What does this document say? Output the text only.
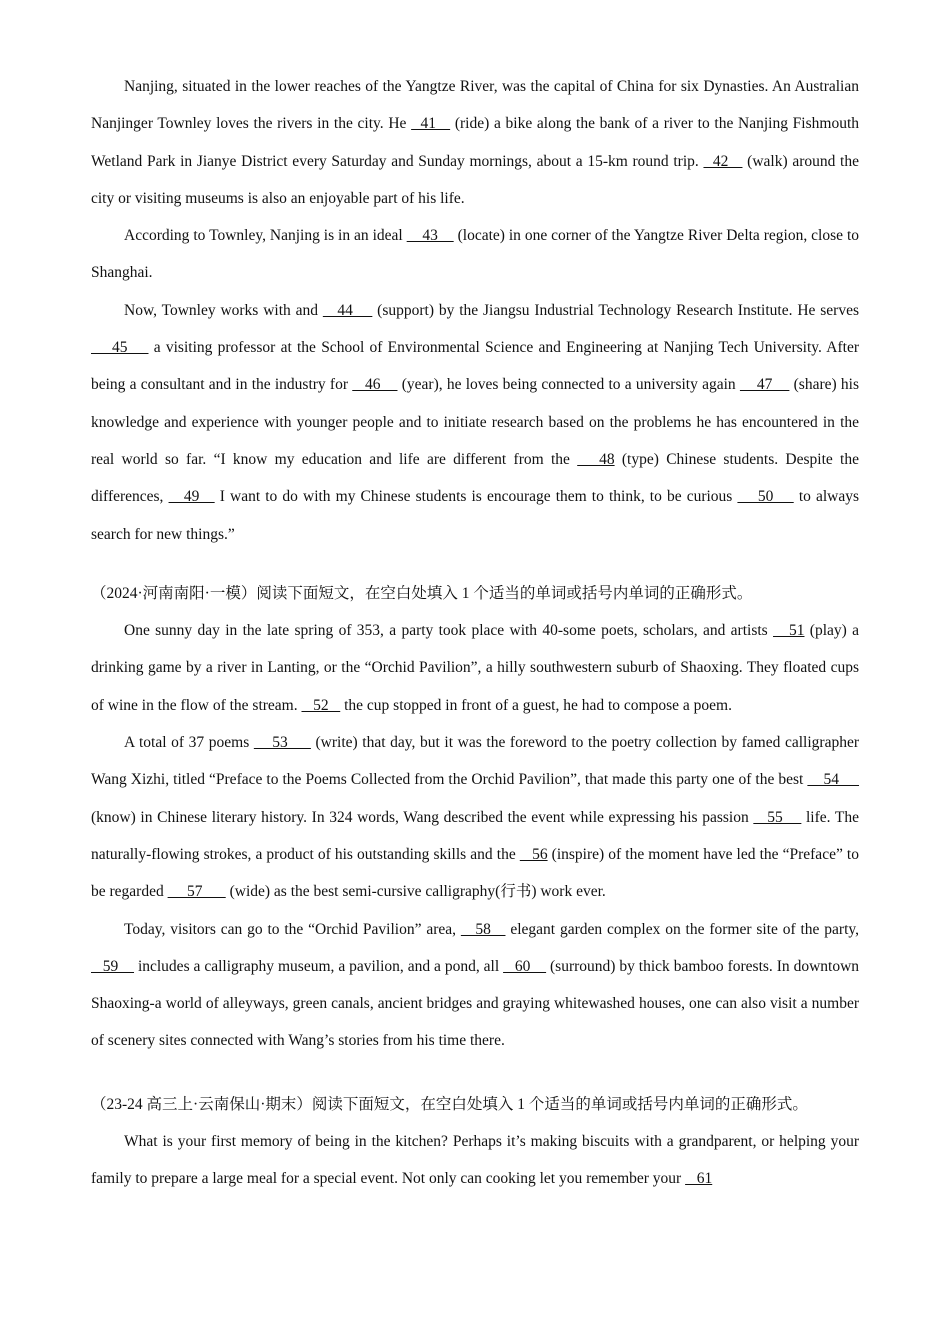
Nanjing, situated in the lower reaches of the Yangtze River, was the capital of China for six Dynasties. An Australian Nanjinger Townley loves the rivers in the city. He   41    (ride) a bike along the bank of a river to the Nanjing Fishmouth Wetland Park in Jianye District every Saturday and Sunday mornings, about a 15-km round trip.   42    (walk) around the city or visiting museums is also an enjoyable part of his life.

According to Townley, Nanjing is in an ideal     43     (locate) in one corner of the Yangtze River Delta region, close to Shanghai.

Now, Townley works with and    44     (support) by the Jiangsu Industrial Technology Research Institute. He serves     45     a visiting professor at the School of Environmental Science and Engineering at Nanjing Tech University. After being a consultant and in the industry for    46     (year), he loves being connected to a university again     47     (share) his knowledge and experience with younger people and to initiate research based on the problems he has encountered in the real world so far. “I know my education and life are different from the    48 (type) Chinese students. Despite the differences,    49    I want to do with my Chinese students is encourage them to think, to be curious     50     to always search for new things.”

（2024·河南南阳·一模）阅读下面短文，在空白处填入 1 个适当的单词或括号内单词的正确形式。

One sunny day in the late spring of 353, a party took place with 40-some poets, scholars, and artists    51 (play) a drinking game by a river in Lanting, or the “Orchid Pavilion”, a hilly southwestern suburb of Shaoxing. They floated cups of wine in the flow of the stream.    52    the cup stopped in front of a guest, he had to compose a poem.

A total of 37 poems     53      (write) that day, but it was the foreword to the poetry collection by famed calligrapher Wang Xizhi, titled “Preface to the Poems Collected from the Orchid Pavilion”, that made this party one of the best     54      (know) in Chinese literary history. In 324 words, Wang described the event while expressing his passion    55     life. The naturally-flowing strokes, a product of his outstanding skills and the    56 (inspire) of the moment have led the “Preface” to be regarded      57       (wide) as the best semi-cursive calligraphy(行书) work ever.

Today, visitors can go to the “Orchid Pavilion” area,    58    elegant garden complex on the former site of the party,    59     includes a calligraphy museum, a pavilion, and a pond, all    60     (surround) by thick bamboo forests. In downtown Shaoxing-a world of alleyways, green canals, ancient bridges and graying whitewashed houses, one can also visit a number of scenery sites connected with Wang’s stories from his time there.

（23-24 高三上·云南保山·期末）阅读下面短文，在空白处填入 1 个适当的单词或括号内单词的正确形式。

What is your first memory of being in the kitchen? Perhaps it’s making biscuits with a grandparent, or helping your family to prepare a large meal for a special event. Not only can cooking let you remember your    61
